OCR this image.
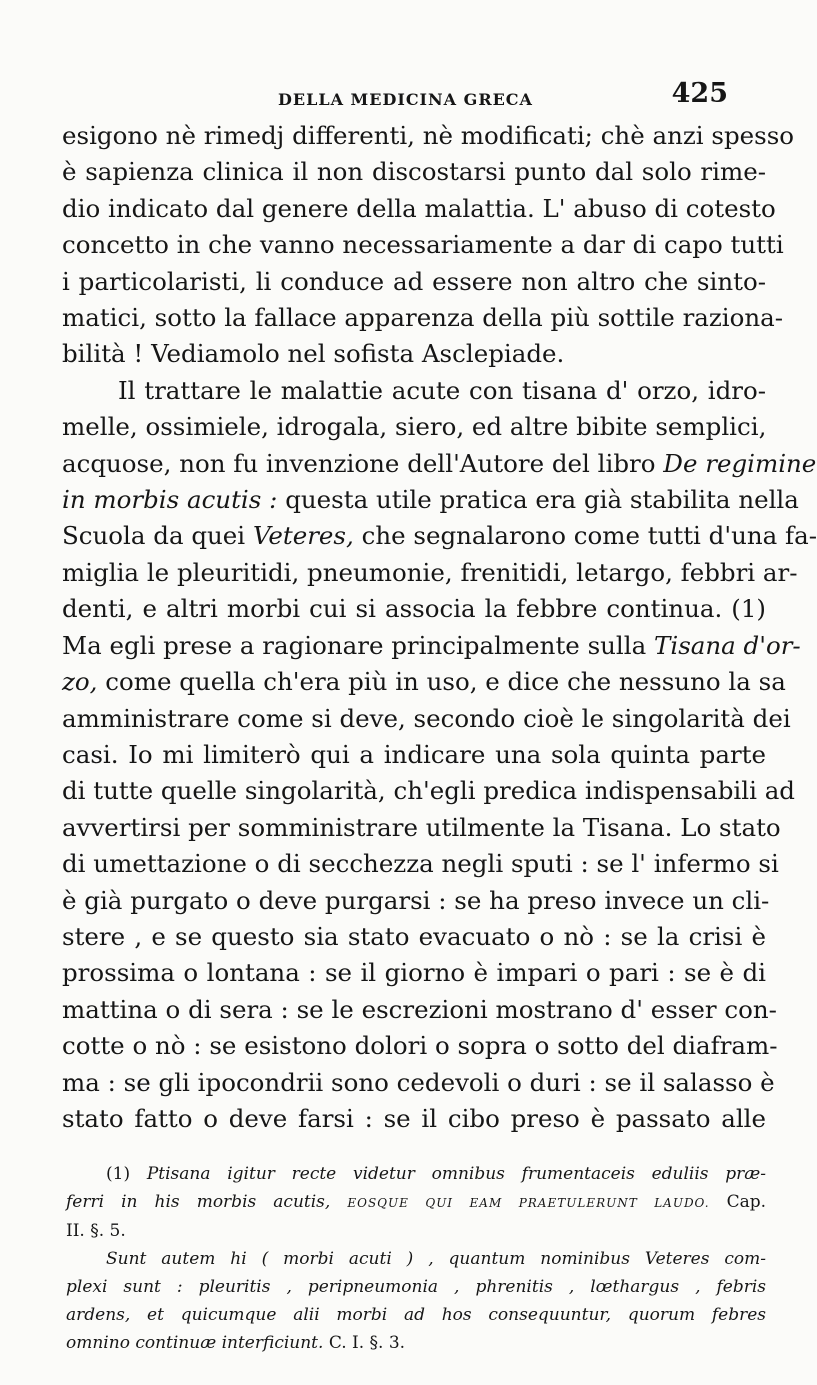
DELLA MEDICINA GRECA	425
esigono nè rimedj differenti, nè modificati; chè anzi spesso
è sapienza clinica il non discostarsi punto dal solo rime-
dio indicato dal genere della malattia. L' abuso di cotesto
concetto in che vanno necessariamente a dar di capo tutti
i particolaristi, li conduce ad essere non altro che sinto-
matici, sotto la fallace apparenza della più sottile raziona-
bilità ! Vediamolo nel sofista Asclepiade.
Il trattare le malattie acute con tisana d' orzo, idro-
melle, ossimiele, idrogala, siero, ed altre bibite semplici,
acquose, non fu invenzione dell'Autore del libro De regimine
in morbis acutis : questa utile pratica era già stabilita nella
Scuola da quei Veteres, che segnalarono come tutti d'una fa-
miglia le pleuritidi, pneumonie, frenitidi, letargo, febbri ar-
denti, e altri morbi cui si associa la febbre continua. (1)
Ma egli prese a ragionare principalmente sulla Tisana d'or-
zo, come quella ch'era più in uso, e dice che nessuno la sa
amministrare come si deve, secondo cioè le singolarità dei
casi. Io mi limiterò qui a indicare una sola quinta parte
di tutte quelle singolarità, ch'egli predica indispensabili ad
avvertirsi per somministrare utilmente la Tisana. Lo stato
di umettazione o di secchezza negli sputi : se l' infermo si
è già purgato o deve purgarsi : se ha preso invece un cli-
stere , e se questo sia stato evacuato o nò : se la crisi è
prossima o lontana : se il giorno è impari o pari : se è di
mattina o di sera : se le escrezioni mostrano d' esser con-
cotte o nò : se esistono dolori o sopra o sotto del diafram-
ma : se gli ipocondrii sono cedevoli o duri : se il salasso è
stato fatto o deve farsi : se il cibo preso è passato alle
(1) Ptisana igitur recte videtur omnibus frumentaceis eduliis præ-
ferri in his morbis acutis, EOSQUE QUI EAM PRAETULERUNT LAUDO. Cap.
II. §. 5.
Sunt autem hi ( morbi acuti ) , quantum nominibus Veteres com-
plexi sunt : pleuritis , peripneumonia , phrenitis , lœthargus , febris
ardens, et quicumque alii morbi ad hos consequuntur, quorum febres
omnino continuæ interficiunt. C. I. §. 3.
